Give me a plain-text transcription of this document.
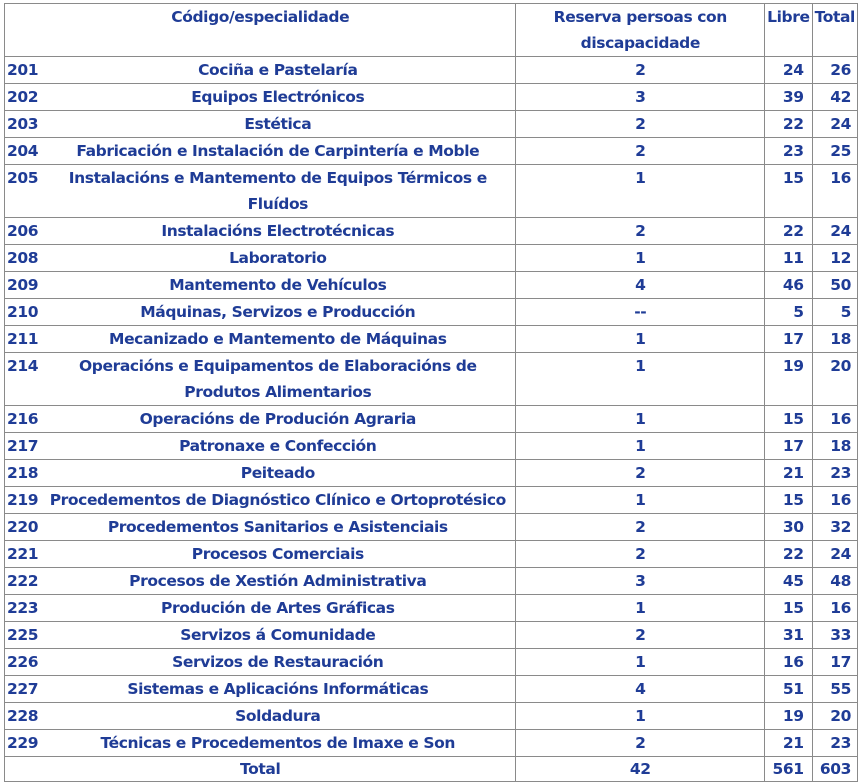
Código/especialidade		Reserva persoas con
discapacidade	Libre	Total
201	Cociña e Pastelaría	2	24	26
202	Equipos Electrónicos	3	39	42
203	Estética	2	22	24
204	Fabricación e Instalación de Carpintería e Moble	2	23	25
205	Instalacións e Mantemento de Equipos Térmicos e
Fluídos	1	15	16
206	Instalacións Electrotécnicas	2	22	24
208	Laboratorio	1	11	12
209	Mantemento de Vehículos	4	46	50
210	Máquinas, Servizos e Producción	--	5	5
211	Mecanizado e Mantemento de Máquinas	1	17	18
214	Operacións e Equipamentos de Elaboracións de
Produtos Alimentarios	1	19	20
216	Operacións de Produción Agraria	1	15	16
217	Patronaxe e Confección	1	17	18
218	Peiteado	2	21	23
219	Procedementos de Diagnóstico Clínico e Ortoprotésico	1	15	16
220	Procedementos Sanitarios e Asistenciais	2	30	32
221	Procesos Comerciais	2	22	24
222	Procesos de Xestión Administrativa	3	45	48
223	Produción de Artes Gráficas	1	15	16
225	Servizos á Comunidade	2	31	33
226	Servizos de Restauración	1	16	17
227	Sistemas e Aplicacións Informáticas	4	51	55
228	Soldadura	1	19	20
229	Técnicas e Procedementos de Imaxe e Son	2	21	23
Total		42	561	603
